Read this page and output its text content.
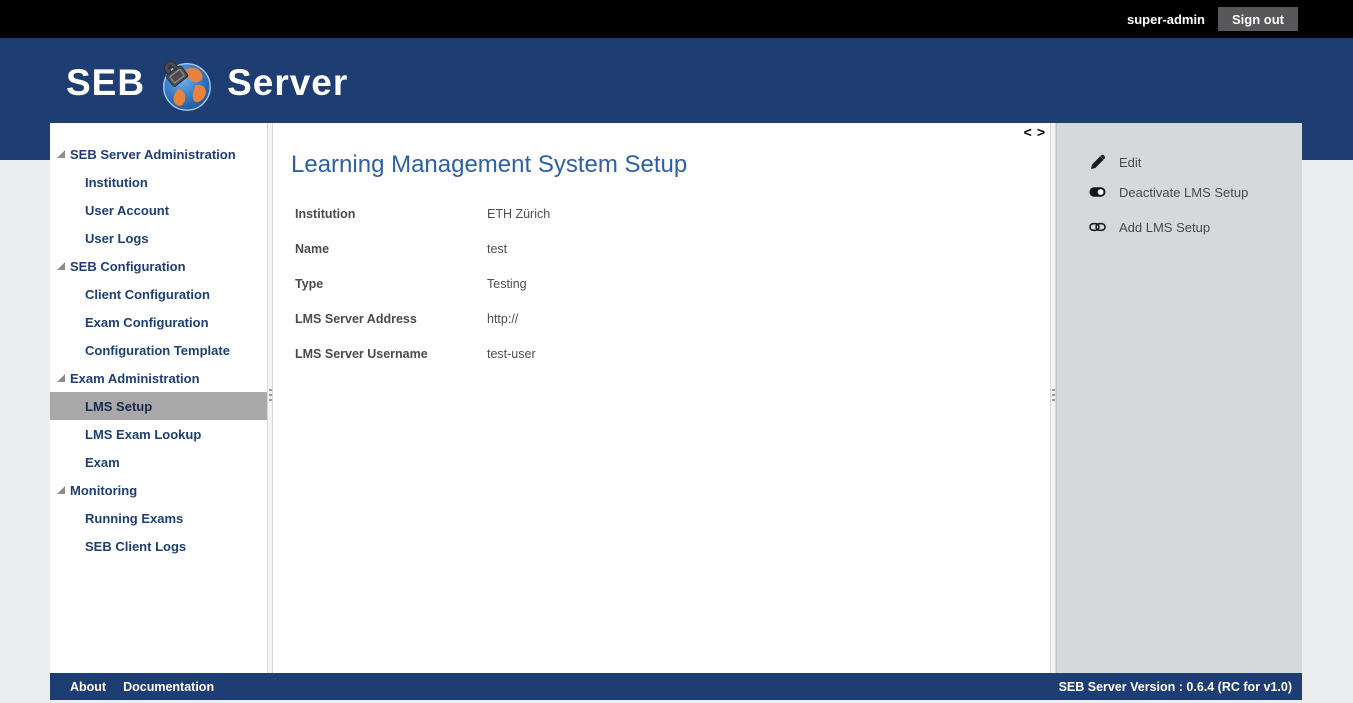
super-admin	Sign out
SEB Server
SEB Server Administration
Institution
User Account
User Logs
SEB Configuration
Client Configuration
Exam Configuration
Configuration Template
Exam Administration
LMS Setup
LMS Exam Lookup
Exam
Monitoring
Running Exams
SEB Client Logs
< >
Learning Management System Setup
Institution	ETH Zürich
Name	test
Type	Testing
LMS Server Address	http://
LMS Server Username	test-user
Edit
Deactivate LMS Setup
Add LMS Setup
About Documentation	SEB Server Version : 0.6.4 (RC for v1.0)
